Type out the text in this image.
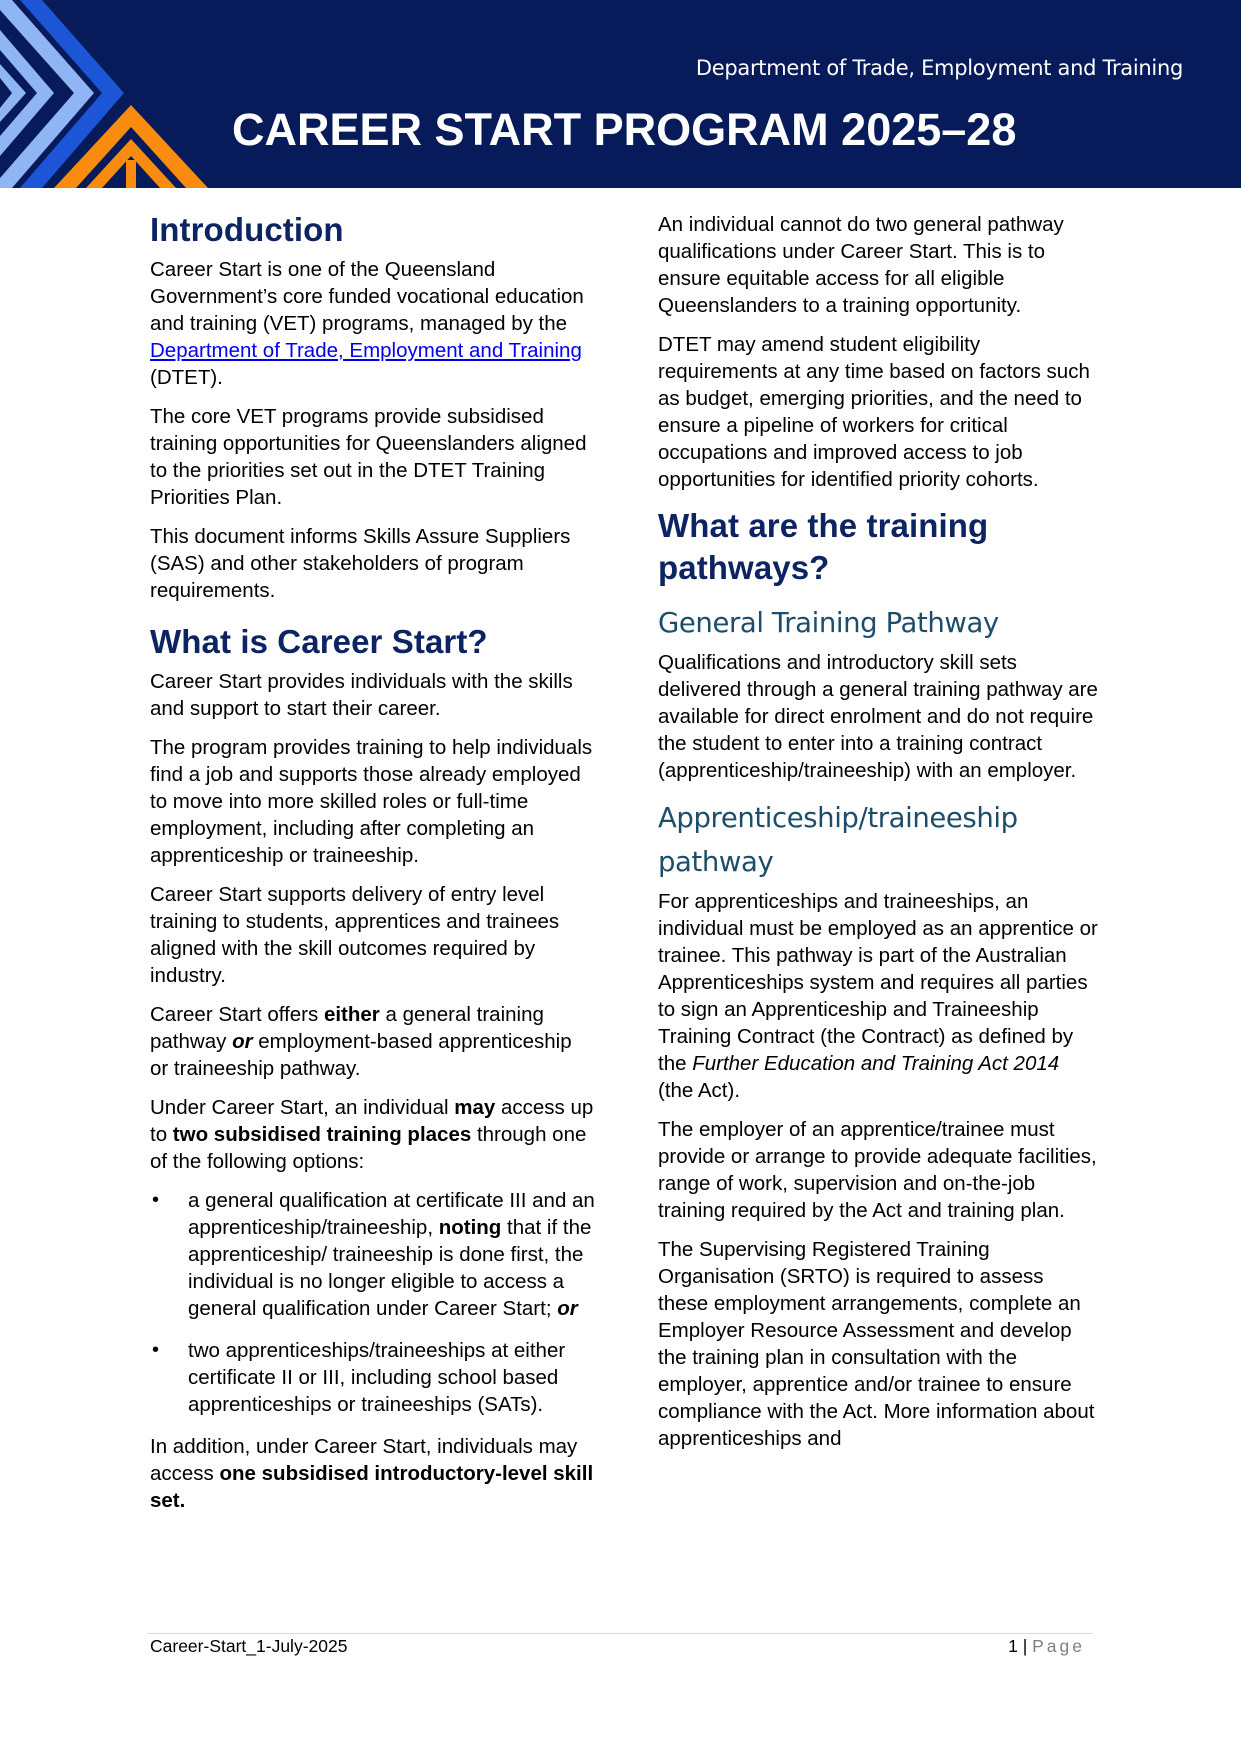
Department of Trade, Employment and Training
CAREER START PROGRAM 2025–28
Introduction

Career Start is one of the Queensland Government’s core funded vocational education and training (VET) programs, managed by the Department of Trade, Employment and Training (DTET).

The core VET programs provide subsidised training opportunities for Queenslanders aligned to the priorities set out in the DTET Training Priorities Plan.

This document informs Skills Assure Suppliers (SAS) and other stakeholders of program requirements.

What is Career Start?

Career Start provides individuals with the skills and support to start their career.

The program provides training to help individuals find a job and supports those already employed to move into more skilled roles or full-time employment, including after completing an apprenticeship or traineeship.

Career Start supports delivery of entry level training to students, apprentices and trainees aligned with the skill outcomes required by industry.

Career Start offers either a general training pathway or employment-based apprenticeship or traineeship pathway.

Under Career Start, an individual may access up to two subsidised training places through one of the following options:

• a general qualification at certificate III and an apprenticeship/traineeship, noting that if the apprenticeship/ traineeship is done first, the individual is no longer eligible to access a general qualification under Career Start; or
• two apprenticeships/traineeships at either certificate II or III, including school based apprenticeships or traineeships (SATs).

In addition, under Career Start, individuals may access one subsidised introductory-level skill set.

An individual cannot do two general pathway qualifications under Career Start. This is to ensure equitable access for all eligible Queenslanders to a training opportunity.

DTET may amend student eligibility requirements at any time based on factors such as budget, emerging priorities, and the need to ensure a pipeline of workers for critical occupations and improved access to job opportunities for identified priority cohorts.

What are the training pathways?
General Training Pathway

Qualifications and introductory skill sets delivered through a general training pathway are available for direct enrolment and do not require the student to enter into a training contract (apprenticeship/traineeship) with an employer.

Apprenticeship/traineeship pathway

For apprenticeships and traineeships, an individual must be employed as an apprentice or trainee. This pathway is part of the Australian Apprenticeships system and requires all parties to sign an Apprenticeship and Traineeship Training Contract (the Contract) as defined by the Further Education and Training Act 2014 (the Act).

The employer of an apprentice/trainee must provide or arrange to provide adequate facilities, range of work, supervision and on-the-job training required by the Act and training plan.

The Supervising Registered Training Organisation (SRTO) is required to assess these employment arrangements, complete an Employer Resource Assessment and develop the training plan in consultation with the employer, apprentice and/or trainee to ensure compliance with the Act. More information about apprenticeships and

Career-Start_1-July-2025	1 | Page
